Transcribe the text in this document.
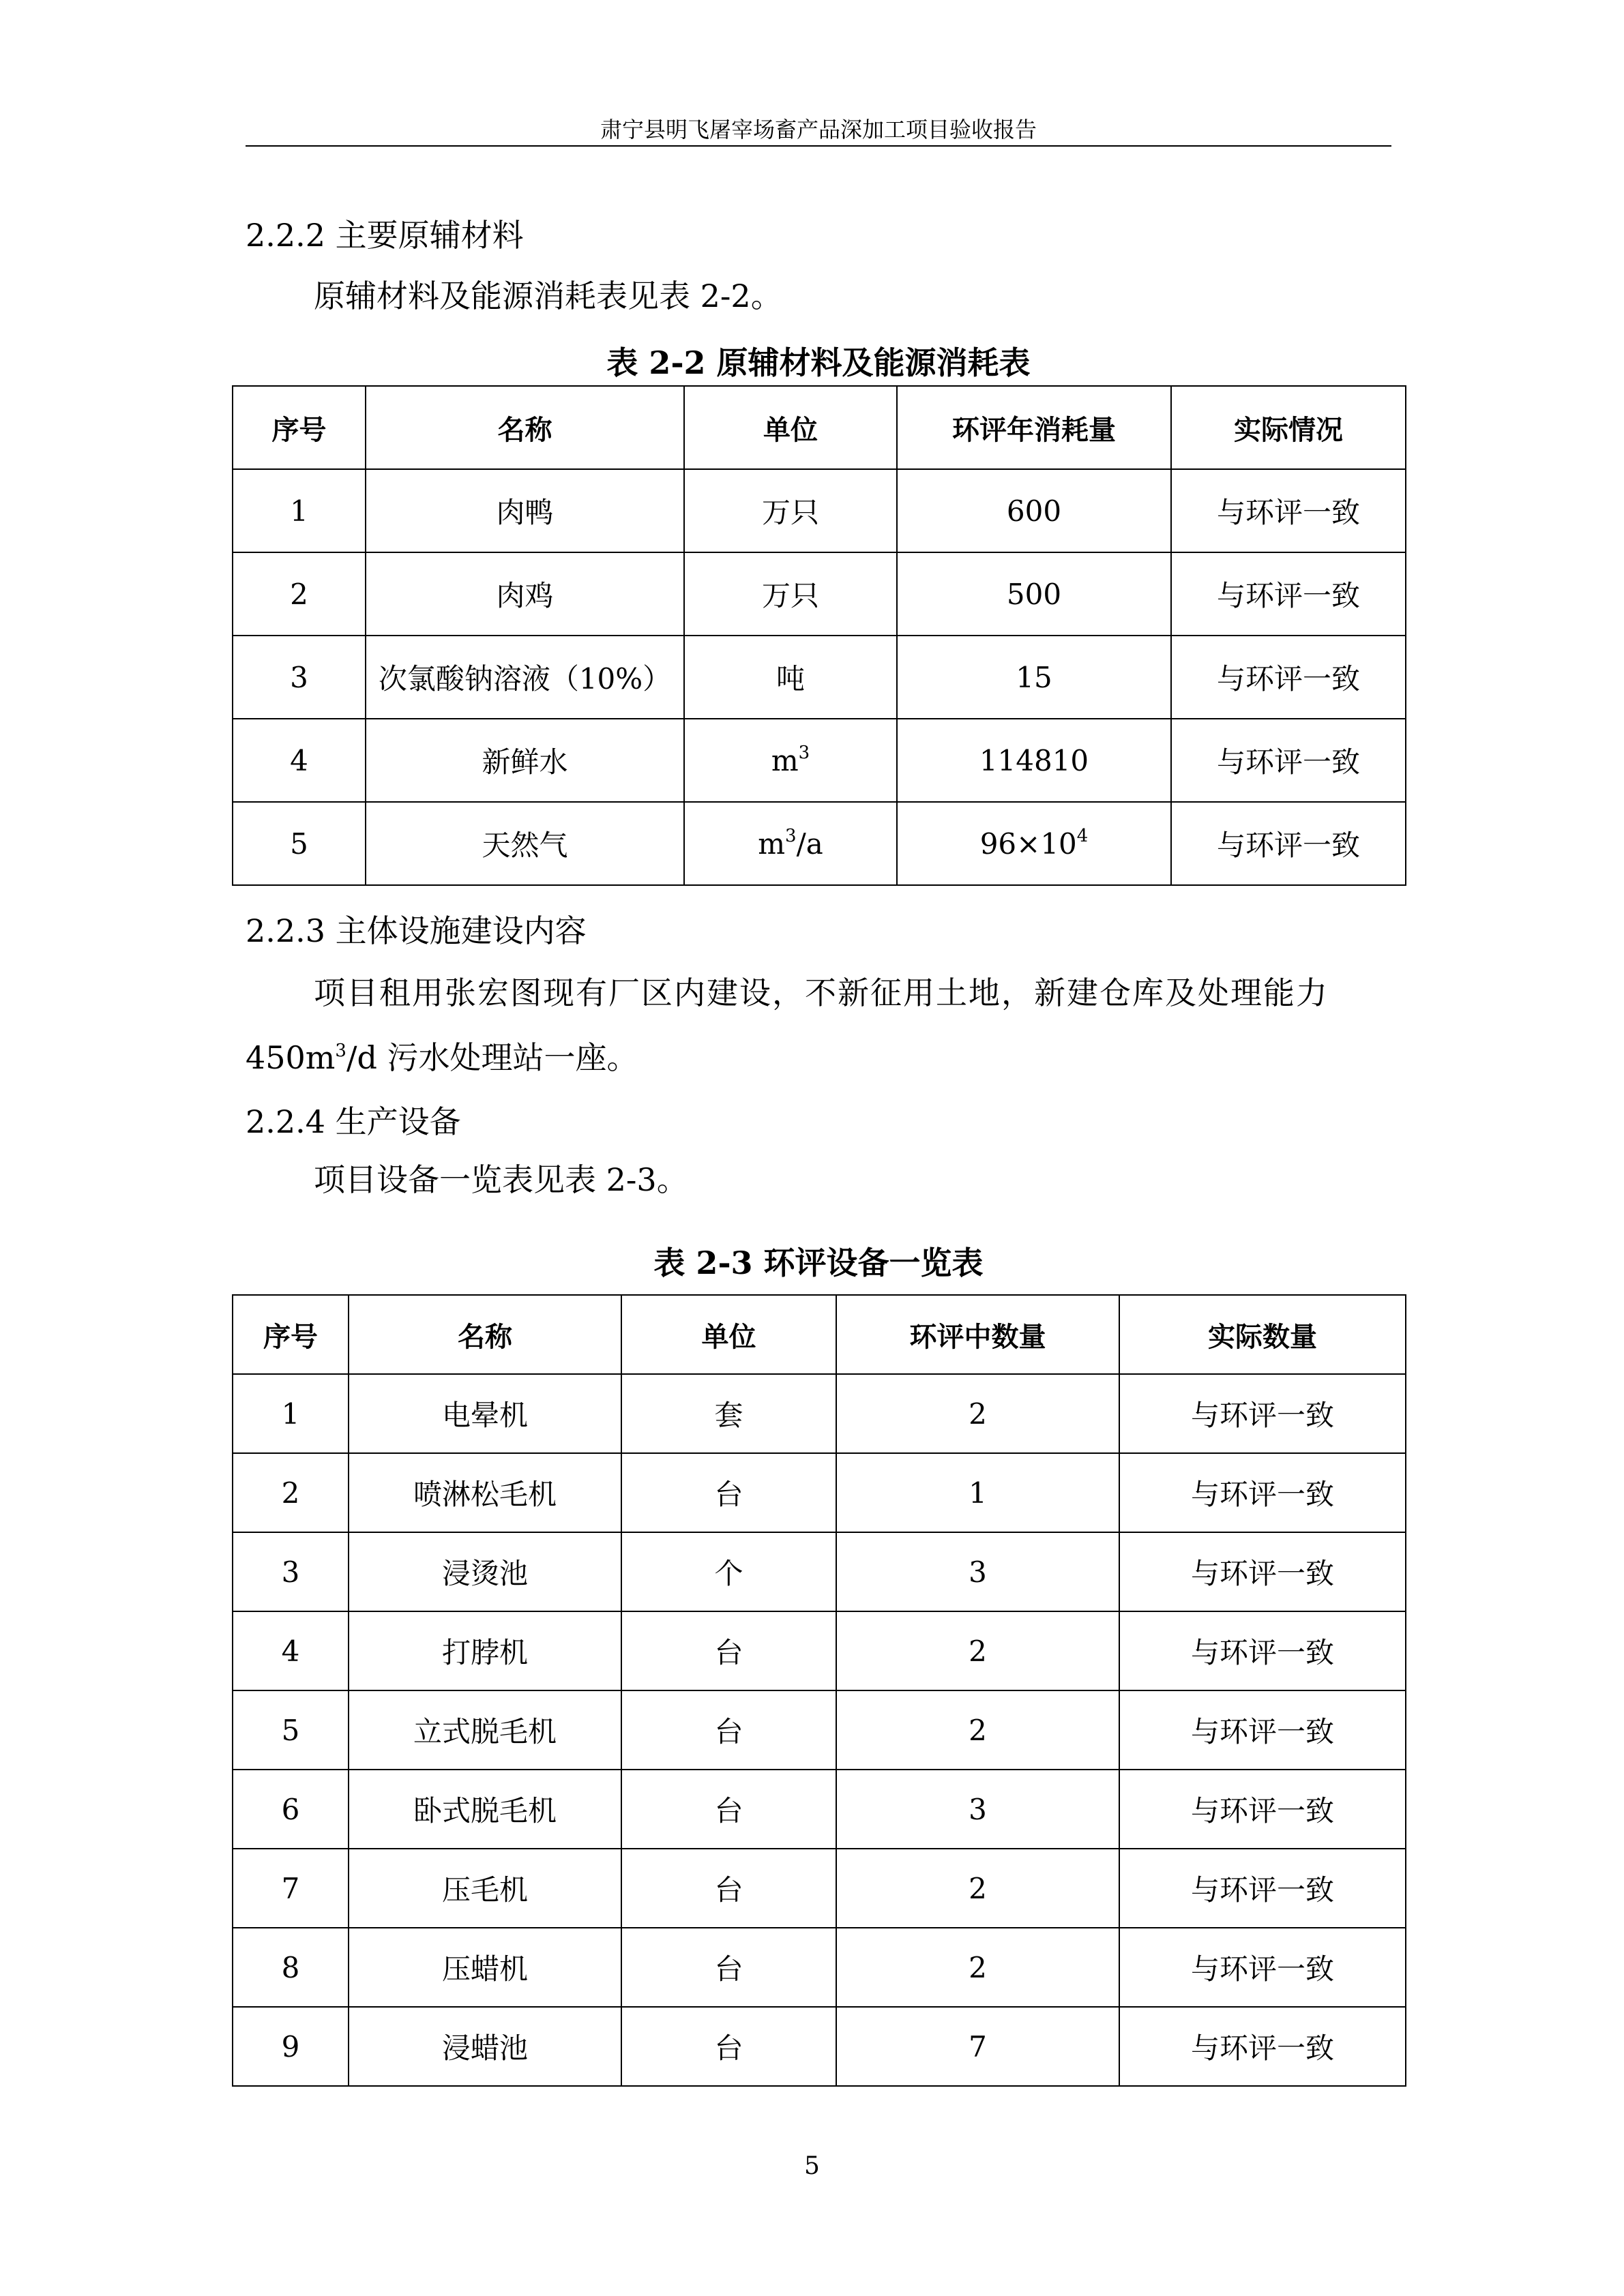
肃宁县明飞屠宰场畜产品深加工项目验收报告
2.2.2 主要原辅材料
原辅材料及能源消耗表见表 2-2。
表 2-2 原辅材料及能源消耗表
序号	名称	单位	环评年消耗量	实际情况
1	肉鸭	万只	600	与环评一致
2	肉鸡	万只	500	与环评一致
3	次氯酸钠溶液（10%）	吨	15	与环评一致
4	新鲜水	$m^3$	114810	与环评一致
5	天然气	$m^3/a$	$96\times 10^4$	与环评一致
2.2.3 主体设施建设内容
项目租用张宏图现有厂区内建设，不新征用土地，新建仓库及处理能力
$450m^3/d$ 污水处理站一座。
2.2.4 生产设备
项目设备一览表见表 2-3。
表 2-3 环评设备一览表
序号	名称	单位	环评中数量	实际数量
1	电晕机	套	2	与环评一致
2	喷淋松毛机	台	1	与环评一致
3	浸烫池	个	3	与环评一致
4	打脖机	台	2	与环评一致
5	立式脱毛机	台	2	与环评一致
6	卧式脱毛机	台	3	与环评一致
7	压毛机	台	2	与环评一致
8	压蜡机	台	2	与环评一致
9	浸蜡池	台	7	与环评一致
5
